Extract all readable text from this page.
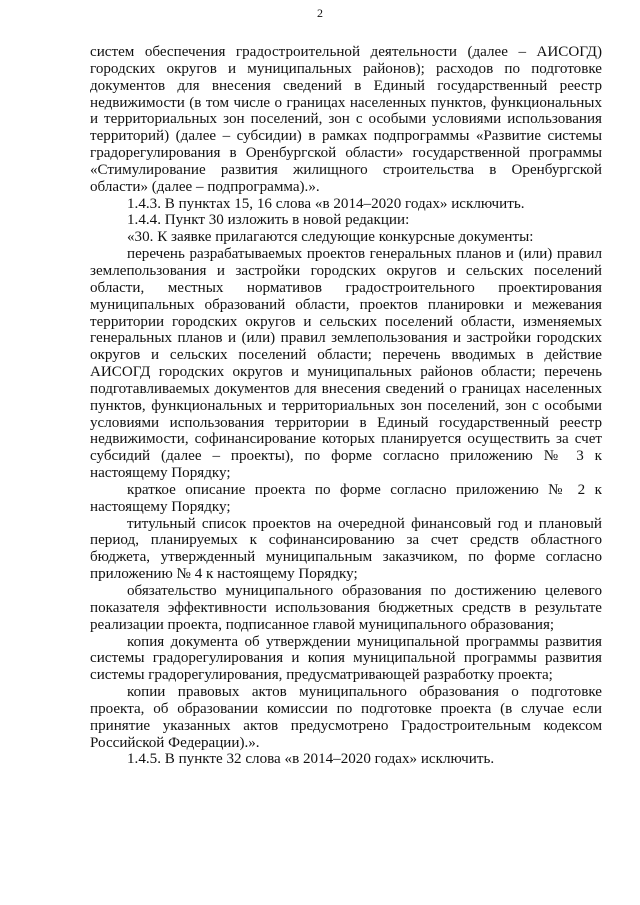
2

систем обеспечения градостроительной деятельности (далее – АИСОГД) городских округов и муниципальных районов); расходов по подготовке документов для внесения сведений в Единый государственный реестр недвижимости (в том числе о границах населенных пунктов, функциональных и территориальных зон поселений, зон с особыми условиями использования территорий) (далее – субсидии) в рамках подпрограммы «Развитие системы градорегулирования в Оренбургской области» государственной программы «Стимулирование развития жилищного строительства в Оренбургской области» (далее – подпрограмма).».

1.4.3. В пунктах 15, 16 слова «в 2014–2020 годах» исключить.

1.4.4. Пункт 30 изложить в новой редакции:

«30. К заявке прилагаются следующие конкурсные документы:

перечень разрабатываемых проектов генеральных планов и (или) правил землепользования и застройки городских округов и сельских поселений области, местных нормативов градостроительного проектирования муниципальных образований области, проектов планировки и межевания территории городских округов и сельских поселений области, изменяемых генеральных планов и (или) правил землепользования и застройки городских округов и сельских поселений области; перечень вводимых в действие АИСОГД городских округов и муниципальных районов области; перечень подготавливаемых документов для внесения сведений о границах населенных пунктов, функциональных и территориальных зон поселений, зон с особыми условиями использования территории в Единый государственный реестр недвижимости, софинансирование которых планируется осуществить за счет субсидий (далее – проекты), по форме согласно приложению № 3 к настоящему Порядку;

краткое описание проекта по форме согласно приложению № 2 к настоящему Порядку;

титульный список проектов на очередной финансовый год и плановый период, планируемых к софинансированию за счет средств областного бюджета, утвержденный муниципальным заказчиком, по форме согласно приложению № 4 к настоящему Порядку;

обязательство муниципального образования по достижению целевого показателя эффективности использования бюджетных средств в результате реализации проекта, подписанное главой муниципального образования;

копия документа об утверждении муниципальной программы развития системы градорегулирования и копия муниципальной программы развития системы градорегулирования, предусматривающей разработку проекта;

копии правовых актов муниципального образования о подготовке проекта, об образовании комиссии по подготовке проекта (в случае если принятие указанных актов предусмотрено Градостроительным кодексом Российской Федерации).».

1.4.5. В пункте 32 слова «в 2014–2020 годах» исключить.
